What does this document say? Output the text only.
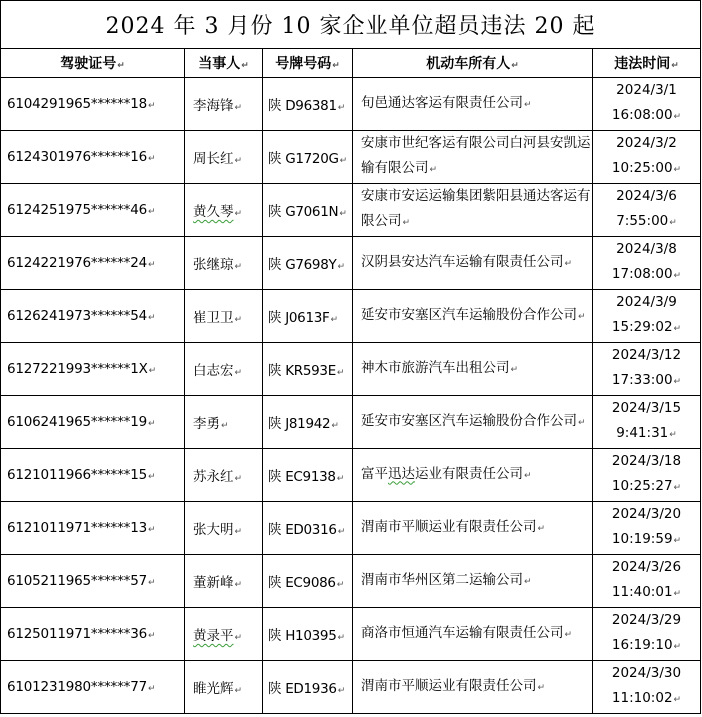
2024 年 3 月份 10 家企业单位超员违法 20 起				
驾驶证号↵	当事人↵	号牌号码↵	机动车所有人↵	违法时间↵
6104291965******18↵	李海锋↵	陕 D96381↵	旬邑通达客运有限责任公司↵	2024/3/1
16:08:00↵

6124301976******16↵	周长红↵	陕 G1720G↵	安康市世纪客运有限公司白河县安凯运输有限公司↵	2024/3/2
10:25:00↵

6124251975******46↵	黄久琴↵	陕 G7061N↵	安康市安运运输集团紫阳县通达客运有限公司↵	2024/3/6
7:55:00↵

6124221976******24↵	张继琼↵	陕 G7698Y↵	汉阴县安达汽车运输有限责任公司↵	2024/3/8
17:08:00↵

6126241973******54↵	崔卫卫↵	陕 J0613F↵	延安市安塞区汽车运输股份合作公司↵	2024/3/9
15:29:02↵

6127221993******1X↵	白志宏↵	陕 KR593E↵	神木市旅游汽车出租公司↵	2024/3/12
17:33:00↵

6106241965******19↵	李勇↵	陕 J81942↵	延安市安塞区汽车运输股份合作公司↵	2024/3/15
9:41:31↵

6121011966******15↵	苏永红↵	陕 EC9138↵	富平迅达运业有限责任公司↵	2024/3/18
10:25:27↵

6121011971******13↵	张大明↵	陕 ED0316↵	渭南市平顺运业有限责任公司↵	2024/3/20
10:19:59↵

6105211965******57↵	董新峰↵	陕 EC9086↵	渭南市华州区第二运输公司↵	2024/3/26
11:40:01↵

6125011971******36↵	黄录平↵	陕 H10395↵	商洛市恒通汽车运输有限责任公司↵	2024/3/29
16:19:10↵

6101231980******77↵	睢光辉↵	陕 ED1936↵	渭南市平顺运业有限责任公司↵	2024/3/30
11:10:02↵
